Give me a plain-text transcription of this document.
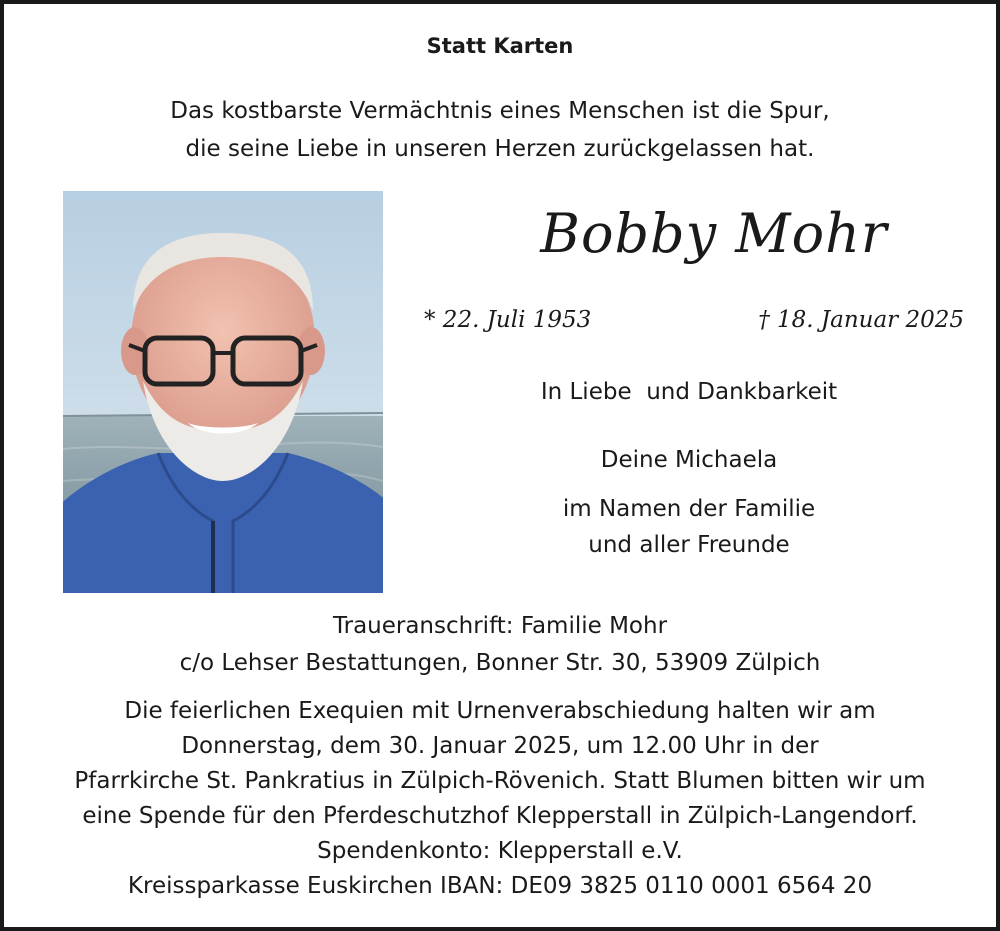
Statt Karten
Das kostbarste Vermächtnis eines Menschen ist die Spur,
die seine Liebe in unseren Herzen zurückgelassen hat.
Bobby Mohr
* 22. Juli 1953	† 18. Januar 2025
In Liebe  und Dankbarkeit
Deine Michaela
im Namen der Familie
und aller Freunde
Traueranschrift: Familie Mohr
c/o Lehser Bestattungen, Bonner Str. 30, 53909 Zülpich
Die feierlichen Exequien mit Urnenverabschiedung halten wir am
Donnerstag, dem 30. Januar 2025, um 12.00 Uhr in der
Pfarrkirche St. Pankratius in Zülpich-Rövenich. Statt Blumen bitten wir um
eine Spende für den Pferdeschutzhof Klepperstall in Zülpich-Langendorf.
Spendenkonto: Klepperstall e.V.
Kreissparkasse Euskirchen IBAN: DE09 3825 0110 0001 6564 20
